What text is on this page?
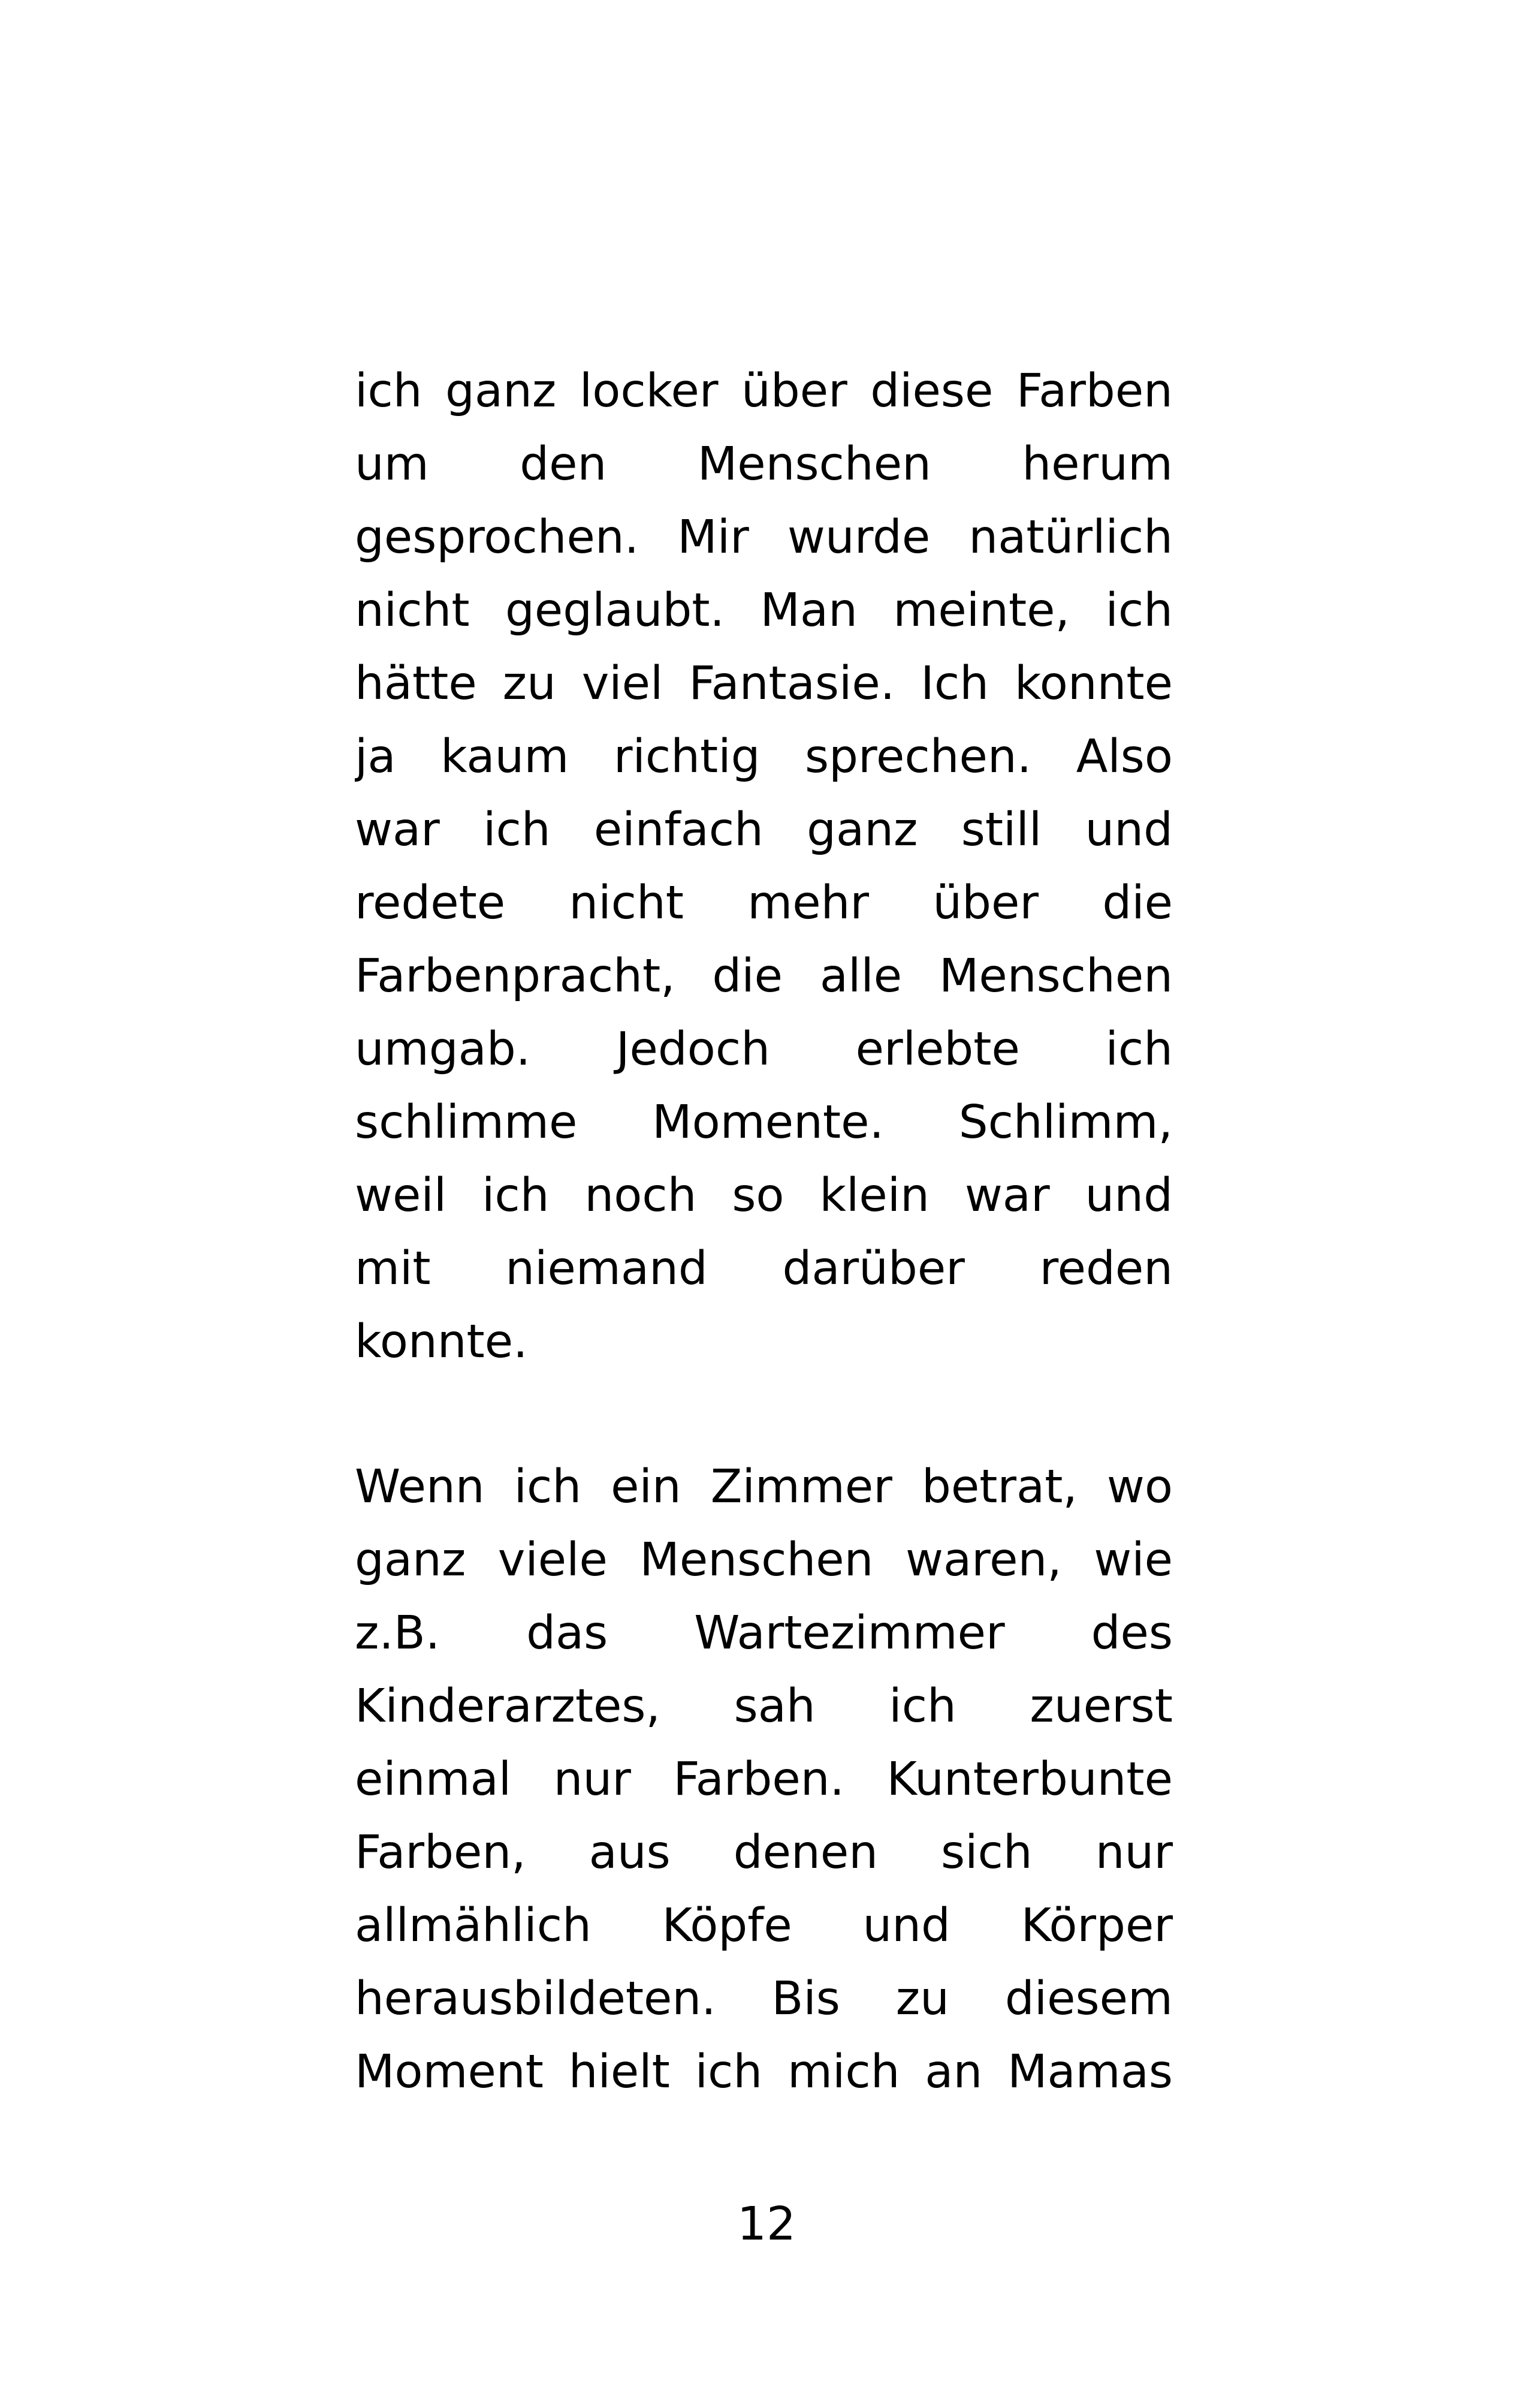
ich ganz locker über diese Farben
um den Menschen herum
gesprochen. Mir wurde natürlich
nicht geglaubt. Man meinte, ich
hätte zu viel Fantasie. Ich konnte
ja kaum richtig sprechen. Also
war ich einfach ganz still und
redete nicht mehr über die
Farbenpracht, die alle Menschen
umgab. Jedoch erlebte ich
schlimme Momente. Schlimm,
weil ich noch so klein war und
mit niemand darüber reden
konnte.
Wenn ich ein Zimmer betrat, wo
ganz viele Menschen waren, wie
z.B. das Wartezimmer des
Kinderarztes, sah ich zuerst
einmal nur Farben. Kunterbunte
Farben, aus denen sich nur
allmählich Köpfe und Körper
herausbildeten. Bis zu diesem
Moment hielt ich mich an Mamas
12
